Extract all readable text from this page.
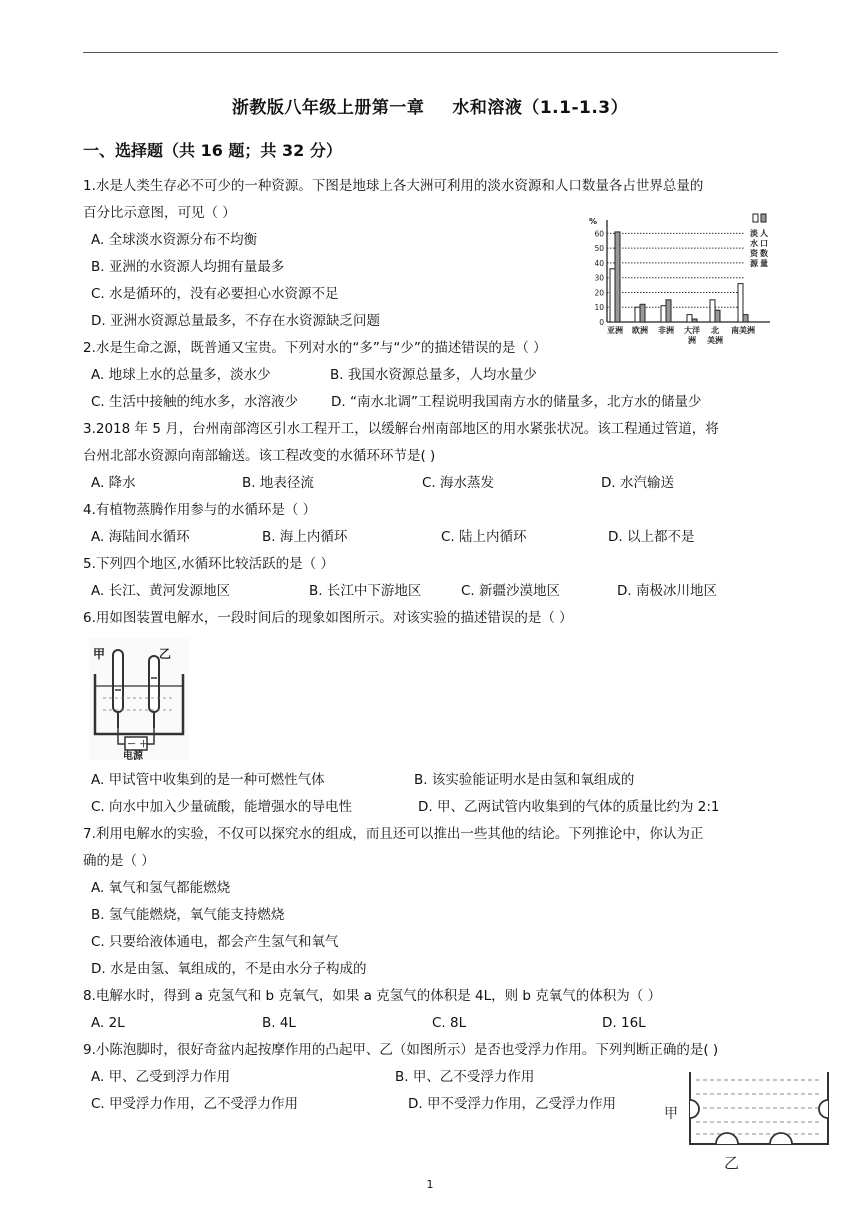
浙教版八年级上册第一章 水和溶液（1.1-1.3）
一、选择题（共 16 题；共 32 分）
1.水是人类生存必不可少的一种资源。下图是地球上各大洲可利用的淡水资源和人口数量各占世界总量的
百分比示意图，可见（ ）
A. 全球淡水资源分布不均衡
B. 亚洲的水资源人均拥有量最多
C. 水是循环的，没有必要担心水资源不足
D. 亚洲水资源总量最多，不存在水资源缺乏问题
%
0
10
20
30
40
50
60
亚洲 欧洲 非洲 大洋
洲
北
美洲
南美洲
淡 人
水 口
资 数
源 量
2.水是生命之源，既普通又宝贵。下列对水的“多”与“少”的描述错误的是（ ）
A. 地球上水的总量多，淡水少	B. 我国水资源总量多，人均水量少
C. 生活中接触的纯水多，水溶液少 D. “南水北调”工程说明我国南方水的储量多，北方水的储量少
3.2018 年 5 月，台州南部湾区引水工程开工，以缓解台州南部地区的用水紧张状况。该工程通过管道，将
台州北部水资源向南部输送。该工程改变的水循环环节是( )
A. 降水	B. 地表径流	C. 海水蒸发	D. 水汽输送
4.有植物蒸腾作用参与的水循环是（ ）
A. 海陆间水循环	B. 海上内循环	C. 陆上内循环	D. 以上都不是
5.下列四个地区,水循环比较活跃的是（ ）
A. 长江、黄河发源地区	B. 长江中下游地区	C. 新疆沙漠地区	D. 南极冰川地区
6.用如图装置电解水，一段时间后的现象如图所示。对该实验的描述错误的是（ ）
甲	乙
－ ＋
电源
A. 甲试管中收集到的是一种可燃性气体	B. 该实验能证明水是由氢和氧组成的
C. 向水中加入少量硫酸，能增强水的导电性	D. 甲、乙两试管内收集到的气体的质量比约为 2:1
7.利用电解水的实验，不仅可以探究水的组成，而且还可以推出一些其他的结论。下列推论中，你认为正
确的是（ ）
A. 氧气和氢气都能燃烧
B. 氢气能燃烧，氧气能支持燃烧
C. 只要给液体通电，都会产生氢气和氧气
D. 水是由氢、氧组成的，不是由水分子构成的
8.电解水时，得到 a 克氢气和 b 克氧气，如果 a 克氢气的体积是 4L，则 b 克氧气的体积为（ ）
A. 2L	B. 4L	C. 8L	D. 16L
9.小陈泡脚时，很好奇盆内起按摩作用的凸起甲、乙（如图所示）是否也受浮力作用。下列判断正确的是( )
A. 甲、乙受到浮力作用	B. 甲、乙不受浮力作用
C. 甲受浮力作用，乙不受浮力作用	D. 甲不受浮力作用，乙受浮力作用
甲
乙
1
